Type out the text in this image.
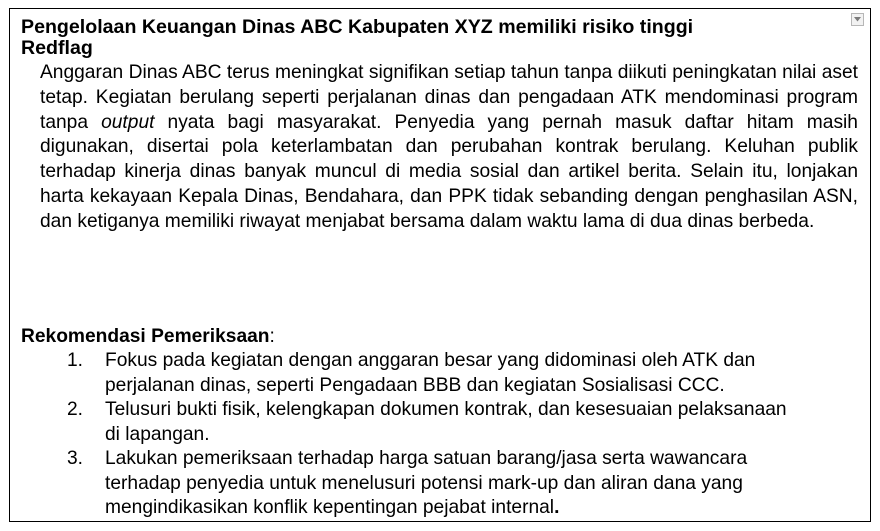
Pengelolaan Keuangan Dinas ABC Kabupaten XYZ memiliki risiko tinggi
Redflag

Anggaran Dinas ABC terus meningkat signifikan setiap tahun tanpa diikuti peningkatan nilai aset tetap. Kegiatan berulang seperti perjalanan dinas dan pengadaan ATK mendominasi program tanpa output nyata bagi masyarakat. Penyedia yang pernah masuk daftar hitam masih digunakan, disertai pola keterlambatan dan perubahan kontrak berulang. Keluhan publik terhadap kinerja dinas banyak muncul di media sosial dan artikel berita. Selain itu, lonjakan harta kekayaan Kepala Dinas, Bendahara, dan PPK tidak sebanding dengan penghasilan ASN, dan ketiganya memiliki riwayat menjabat bersama dalam waktu lama di dua dinas berbeda.

Rekomendasi Pemeriksaan:

1. Fokus pada kegiatan dengan anggaran besar yang didominasi oleh ATK dan perjalanan dinas, seperti Pengadaan BBB dan kegiatan Sosialisasi CCC.
2. Telusuri bukti fisik, kelengkapan dokumen kontrak, dan kesesuaian pelaksanaan di lapangan.
3. Lakukan pemeriksaan terhadap harga satuan barang/jasa serta wawancara terhadap penyedia untuk menelusuri potensi mark-up dan aliran dana yang mengindikasikan konflik kepentingan pejabat internal.
